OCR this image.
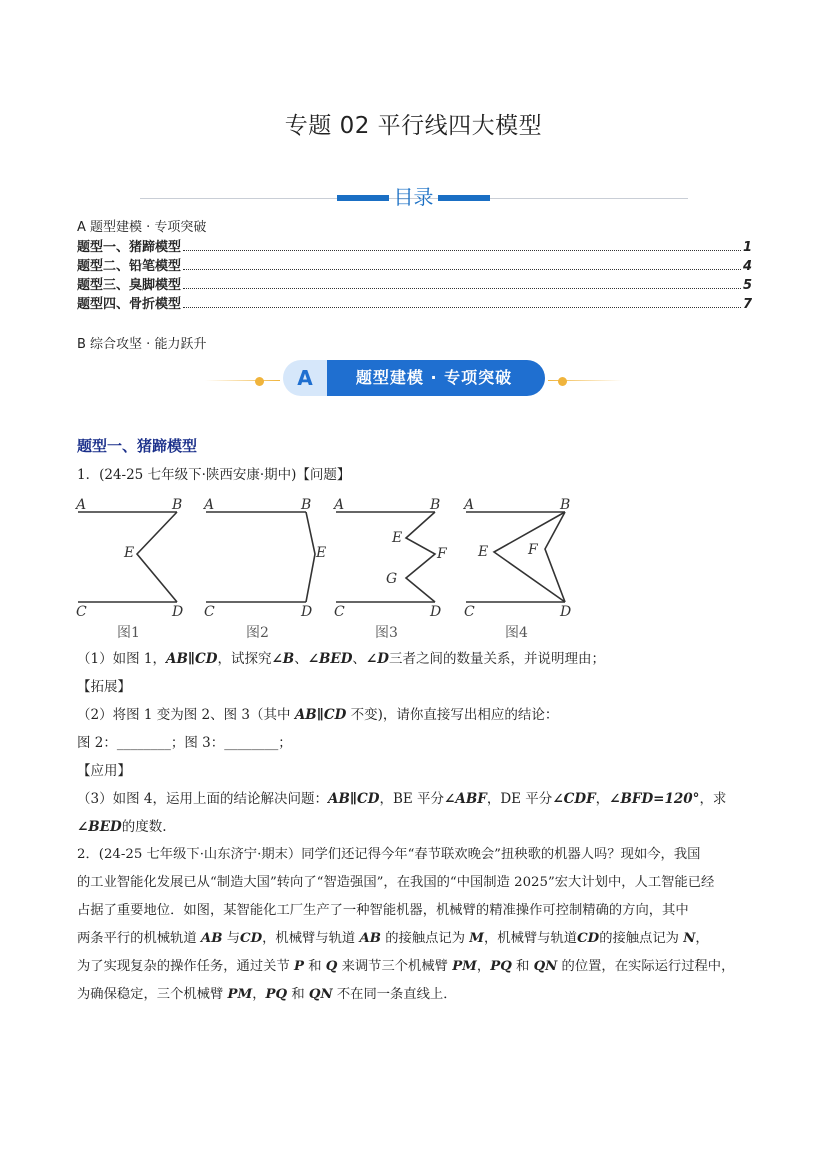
专题 02 平行线四大模型
目录
A 题型建模 · 专项突破
题型一、猪蹄模型	1
题型二、铅笔模型	4
题型三、臭脚模型	5
题型四、骨折模型	7
B 综合攻坚 · 能力跃升
A	题型建模 · 专项突破
题型一、猪蹄模型
1．(24-25 七年级下·陕西安康·期中)【问题】
A	B
E
C	D
A	B
E
C	D
A	B
E
F
G
C	D
A	B
E	F
C	D
图1	图2	图3	图4
（1）如图 1，AB∥CD，试探究∠B、∠BED、∠D三者之间的数量关系，并说明理由；
【拓展】
（2）将图 1 变为图 2、图 3（其中 AB∥CD 不变)，请你直接写出相应的结论：
图 2：________；图 3：________；
【应用】
（3）如图 4，运用上面的结论解决问题：AB∥CD，BE 平分∠ABF，DE 平分∠CDF，∠BFD=120°，求
∠BED的度数.
2．(24-25 七年级下·山东济宁·期末）同学们还记得今年“春节联欢晚会”扭秧歌的机器人吗？现如今，我国
的工业智能化发展已从“制造大国”转向了“智造强国”，在我国的“中国制造 2025”宏大计划中，人工智能已经
占据了重要地位．如图，某智能化工厂生产了一种智能机器，机械臂的精准操作可控制精确的方向，其中
两条平行的机械轨道 AB 与CD，机械臂与轨道 AB 的接触点记为 M，机械臂与轨道CD的接触点记为 N，
为了实现复杂的操作任务，通过关节 P 和 Q 来调节三个机械臂 PM，PQ 和 QN 的位置，在实际运行过程中，
为确保稳定，三个机械臂 PM，PQ 和 QN 不在同一条直线上．
